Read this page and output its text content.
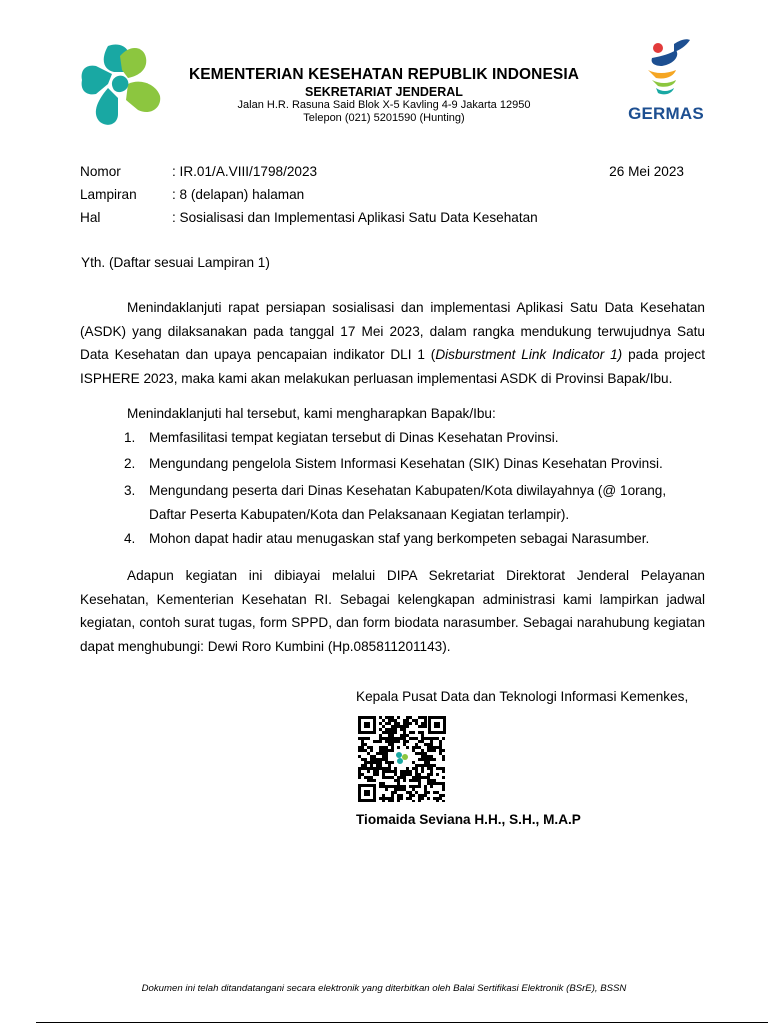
KEMENTERIAN KESEHATAN REPUBLIK INDONESIA
SEKRETARIAT JENDERAL
Jalan H.R. Rasuna Said Blok X-5 Kavling 4-9 Jakarta 12950
Telepon (021) 5201590 (Hunting)	GERMAS
Nomor	: IR.01/A.VIII/1798/2023	26 Mei 2023
Lampiran	: 8 (delapan) halaman
Hal	: Sosialisasi dan Implementasi Aplikasi Satu Data Kesehatan
Yth. (Daftar sesuai Lampiran 1)
Menindaklanjuti rapat persiapan sosialisasi dan implementasi Aplikasi Satu Data Kesehatan (ASDK) yang dilaksanakan pada tanggal 17 Mei 2023, dalam rangka mendukung terwujudnya Satu Data Kesehatan dan upaya pencapaian indikator DLI 1 (Disburstment Link Indicator 1) pada project ISPHERE 2023, maka kami akan melakukan perluasan implementasi ASDK di Provinsi Bapak/Ibu.
Menindaklanjuti hal tersebut, kami mengharapkan Bapak/Ibu:
1. Memfasilitasi tempat kegiatan tersebut di Dinas Kesehatan Provinsi.
2. Mengundang pengelola Sistem Informasi Kesehatan (SIK) Dinas Kesehatan Provinsi.
3. Mengundang peserta dari Dinas Kesehatan Kabupaten/Kota diwilayahnya (@ 1orang, Daftar Peserta Kabupaten/Kota dan Pelaksanaan Kegiatan terlampir).
4. Mohon dapat hadir atau menugaskan staf yang berkompeten sebagai Narasumber.
Adapun kegiatan ini dibiayai melalui DIPA Sekretariat Direktorat Jenderal Pelayanan Kesehatan, Kementerian Kesehatan RI. Sebagai kelengkapan administrasi kami lampirkan jadwal kegiatan, contoh surat tugas, form SPPD, dan form biodata narasumber. Sebagai narahubung kegiatan dapat menghubungi: Dewi Roro Kumbini (Hp.085811201143).
Kepala Pusat Data dan Teknologi Informasi Kemenkes,
Tiomaida Seviana H.H., S.H., M.A.P
Dokumen ini telah ditandatangani secara elektronik yang diterbitkan oleh Balai Sertifikasi Elektronik (BSrE), BSSN
